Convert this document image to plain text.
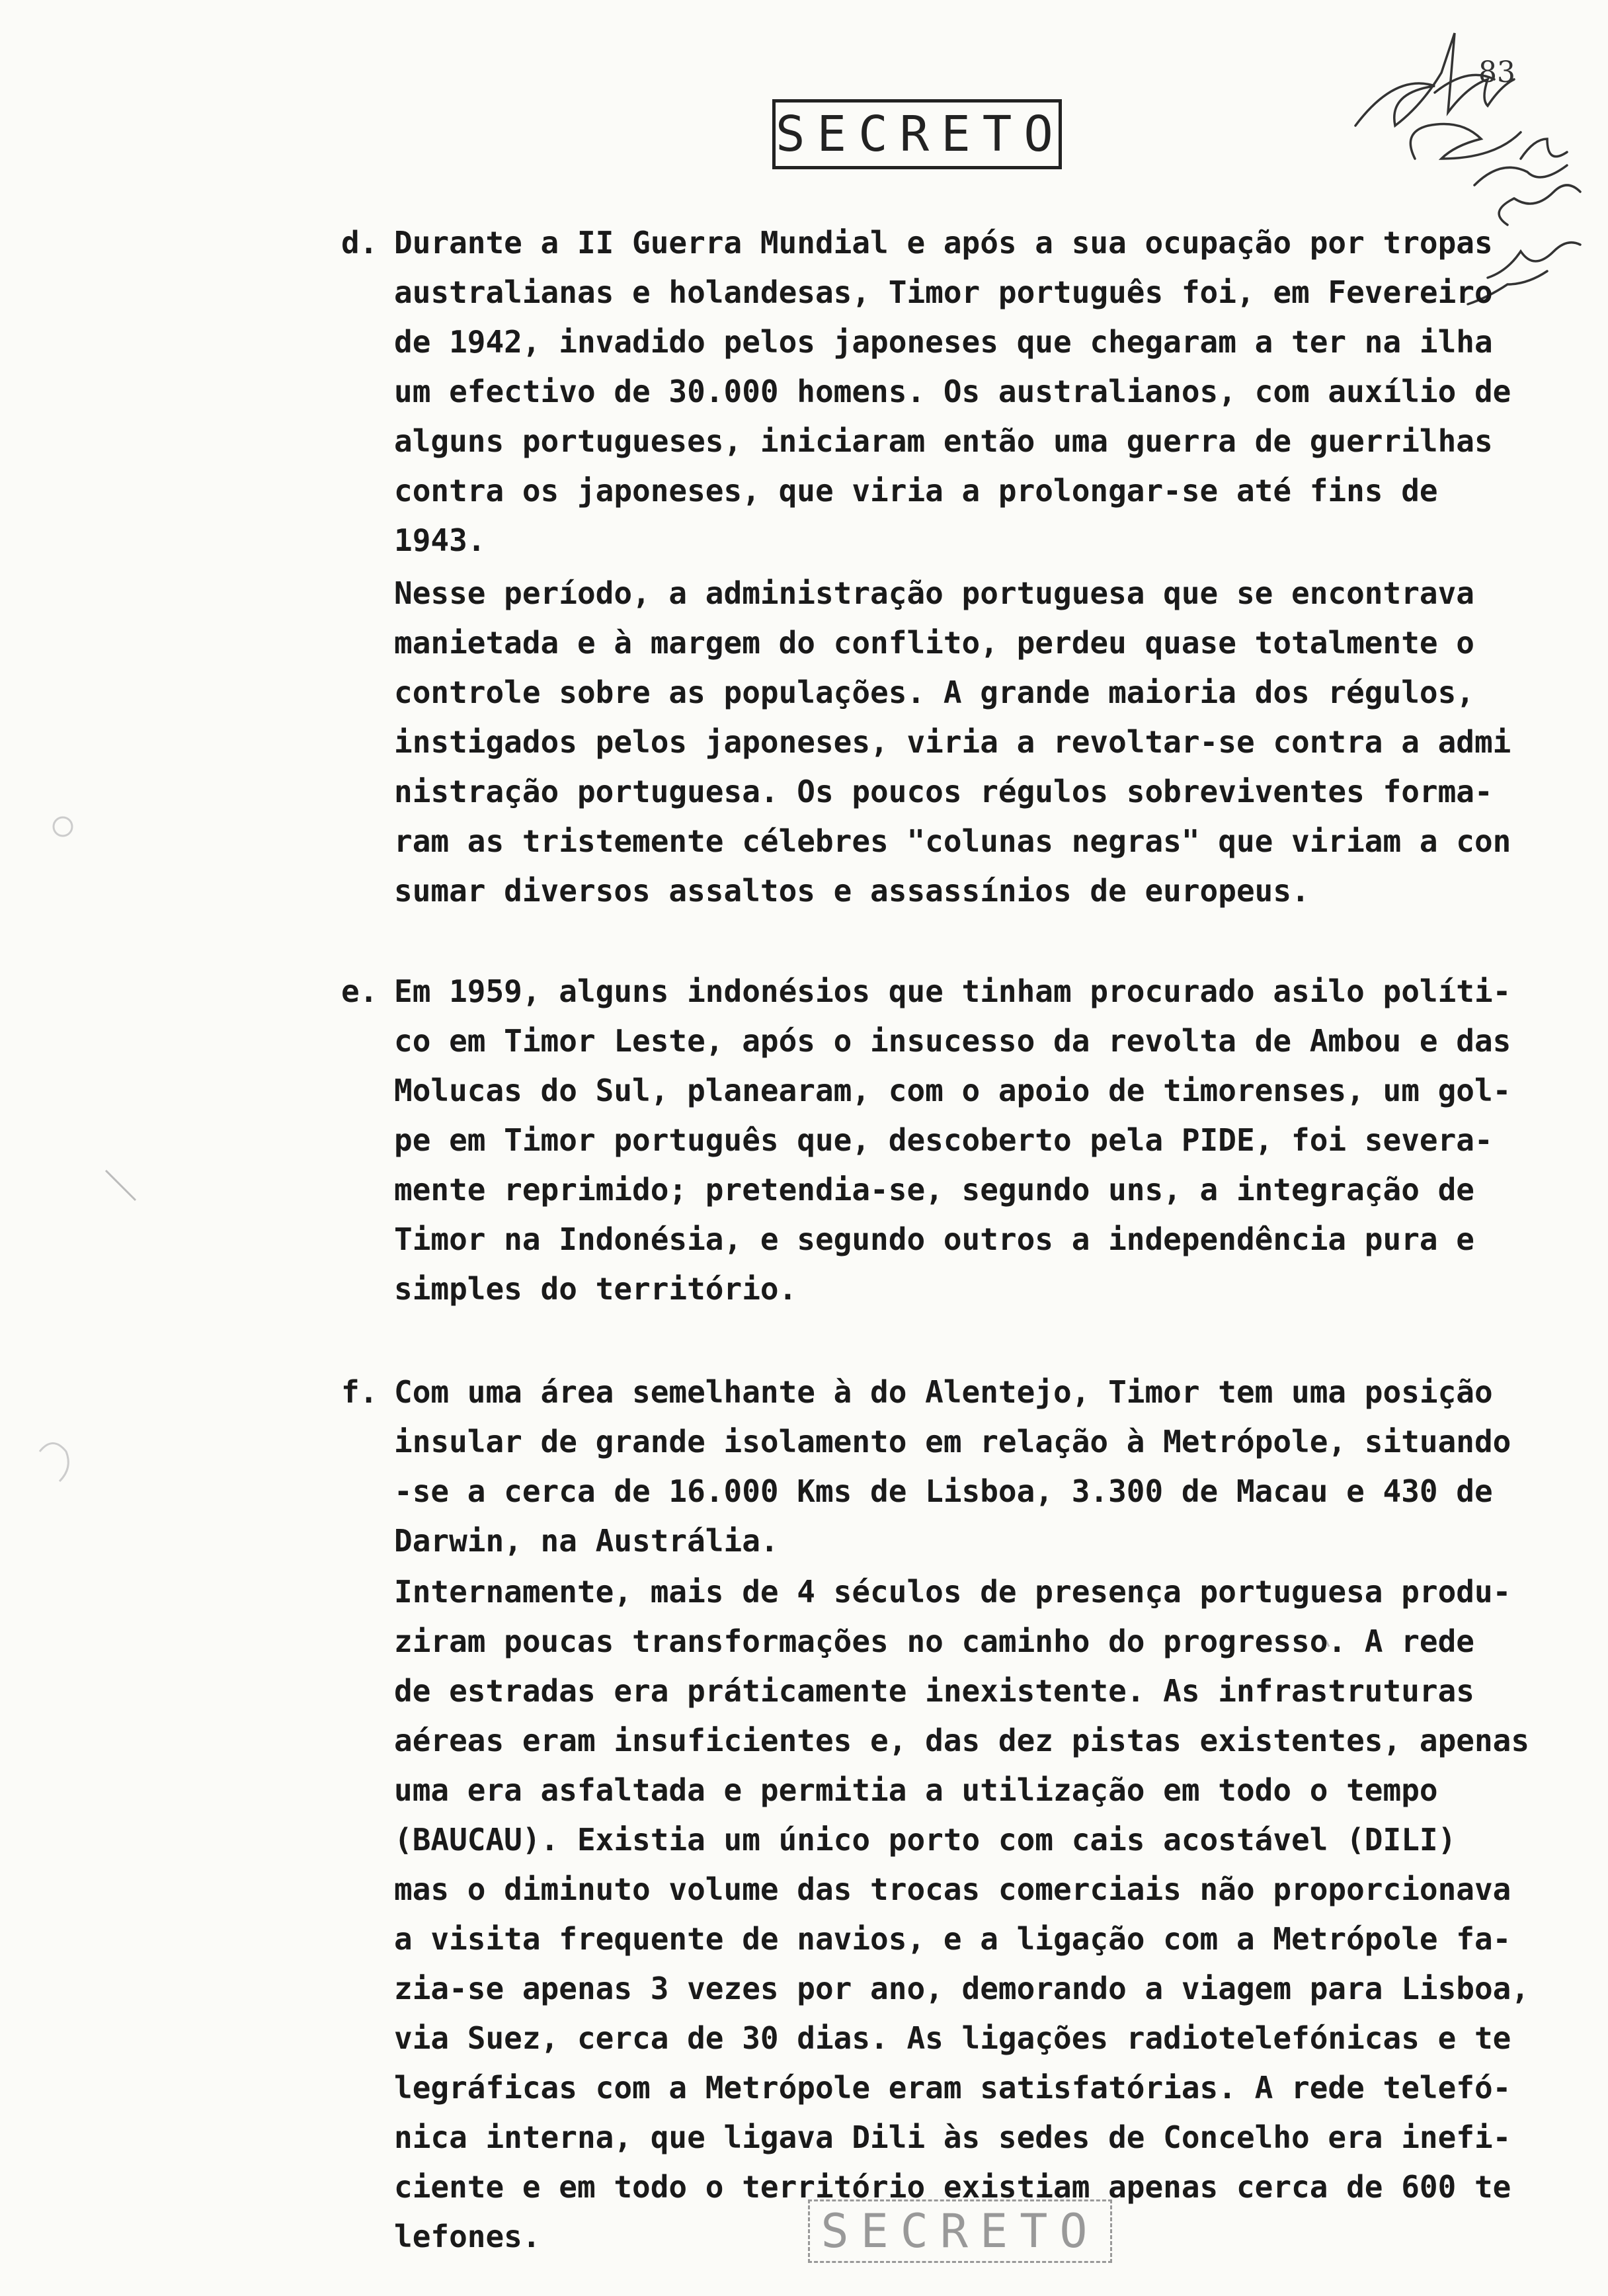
SECRETO
83
d. Durante a II Guerra Mundial e após a sua ocupação por tropas
australianas e holandesas, Timor português foi, em Fevereiro
de 1942, invadido pelos japoneses que chegaram a ter na ilha
um efectivo de 30.000 homens. Os australianos, com auxílio de
alguns portugueses, iniciaram então uma guerra de guerrilhas
contra os japoneses, que viria a prolongar-se até fins de
1943.
Nesse período, a administração portuguesa que se encontrava
manietada e à margem do conflito, perdeu quase totalmente o
controle sobre as populações. A grande maioria dos régulos,
instigados pelos japoneses, viria a revoltar-se contra a admi
nistração portuguesa. Os poucos régulos sobreviventes forma-
ram as tristemente célebres "colunas negras" que viriam a con
sumar diversos assaltos e assassínios de europeus.
e. Em 1959, alguns indonésios que tinham procurado asilo políti-
co em Timor Leste, após o insucesso da revolta de Ambou e das
Molucas do Sul, planearam, com o apoio de timorenses, um gol-
pe em Timor português que, descoberto pela PIDE, foi severa-
mente reprimido; pretendia-se, segundo uns, a integração de
Timor na Indonésia, e segundo outros a independência pura e
simples do território.
f. Com uma área semelhante à do Alentejo, Timor tem uma posição
insular de grande isolamento em relação à Metrópole, situando
-se a cerca de 16.000 Kms de Lisboa, 3.300 de Macau e 430 de
Darwin, na Austrália.
Internamente, mais de 4 séculos de presença portuguesa produ-
ziram poucas transformações no caminho do progresso. A rede
de estradas era práticamente inexistente. As infrastruturas
aéreas eram insuficientes e, das dez pistas existentes, apenas
uma era asfaltada e permitia a utilização em todo o tempo
(BAUCAU). Existia um único porto com cais acostável (DILI)
mas o diminuto volume das trocas comerciais não proporcionava
a visita frequente de navios, e a ligação com a Metrópole fa-
zia-se apenas 3 vezes por ano, demorando a viagem para Lisboa,
via Suez, cerca de 30 dias. As ligações radiotelefónicas e te
legráficas com a Metrópole eram satisfatórias. A rede telefó-
nica interna, que ligava Dili às sedes de Concelho era inefi-
ciente e em todo o território existiam apenas cerca de 600 te
lefones.	SECRETO
